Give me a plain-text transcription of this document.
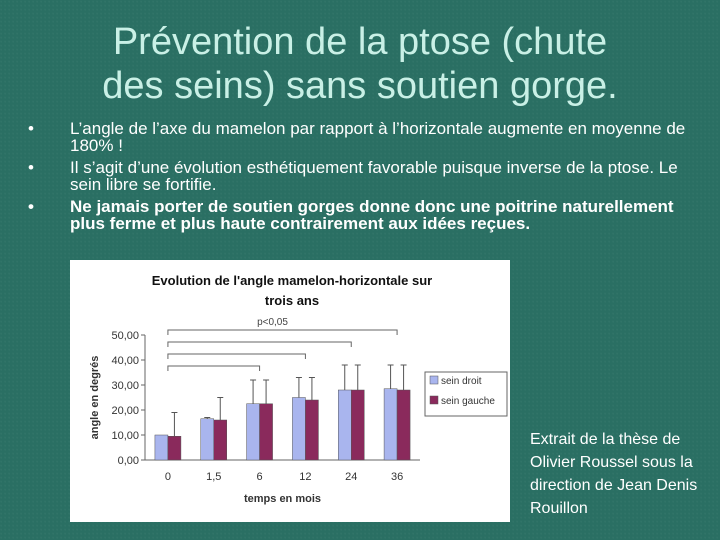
Prévention de la ptose (chute
des seins) sans soutien gorge.
• L’angle de l’axe du mamelon par rapport à l’horizontale augmente en moyenne de 180% !
• Il s’agit d’une évolution esthétiquement favorable puisque inverse de la ptose. Le sein libre se fortifie.
• Ne jamais porter de soutien gorges donne donc une poitrine naturellement plus ferme et plus haute contrairement aux idées reçues.
Evolution de l'angle mamelon-horizontale sur
trois ans
0,00
10,00
20,00
30,00
40,00
50,00
angle en degrés
0	1,5	6	12	24	36
temps en mois
p<0,05
sein droit
sein gauche
Extrait de la thèse de Olivier Roussel sous la direction de Jean Denis Rouillon
